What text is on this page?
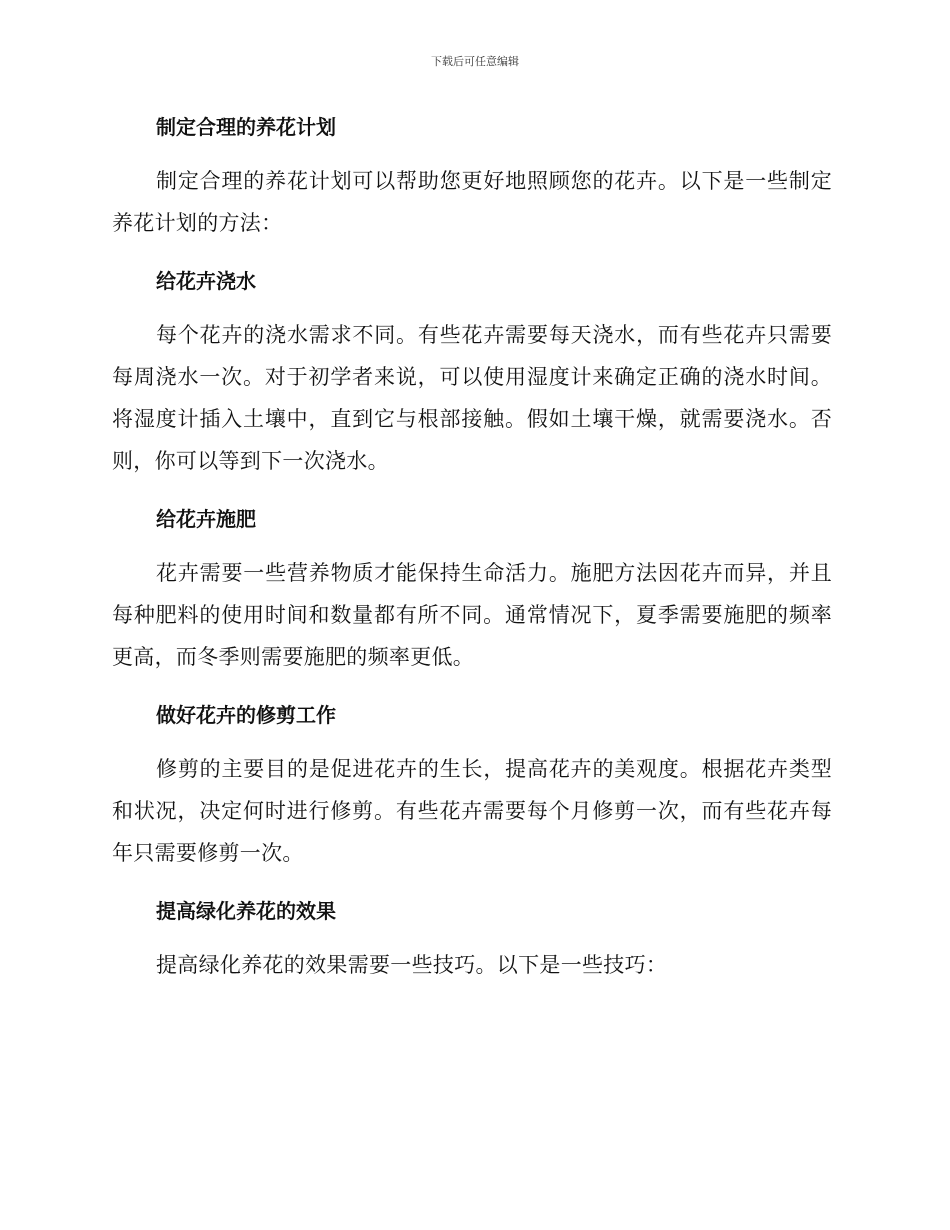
下载后可任意编辑
制定合理的养花计划

制定合理的养花计划可以帮助您更好地照顾您的花卉。以下是一些制定养花计划的方法：

给花卉浇水

每个花卉的浇水需求不同。有些花卉需要每天浇水，而有些花卉只需要每周浇水一次。对于初学者来说，可以使用湿度计来确定正确的浇水时间。将湿度计插入土壤中，直到它与根部接触。假如土壤干燥，就需要浇水。否则，你可以等到下一次浇水。

给花卉施肥

花卉需要一些营养物质才能保持生命活力。施肥方法因花卉而异，并且每种肥料的使用时间和数量都有所不同。通常情况下，夏季需要施肥的频率更高，而冬季则需要施肥的频率更低。

做好花卉的修剪工作

修剪的主要目的是促进花卉的生长，提高花卉的美观度。根据花卉类型和状况，决定何时进行修剪。有些花卉需要每个月修剪一次，而有些花卉每年只需要修剪一次。

提高绿化养花的效果

提高绿化养花的效果需要一些技巧。以下是一些技巧：
